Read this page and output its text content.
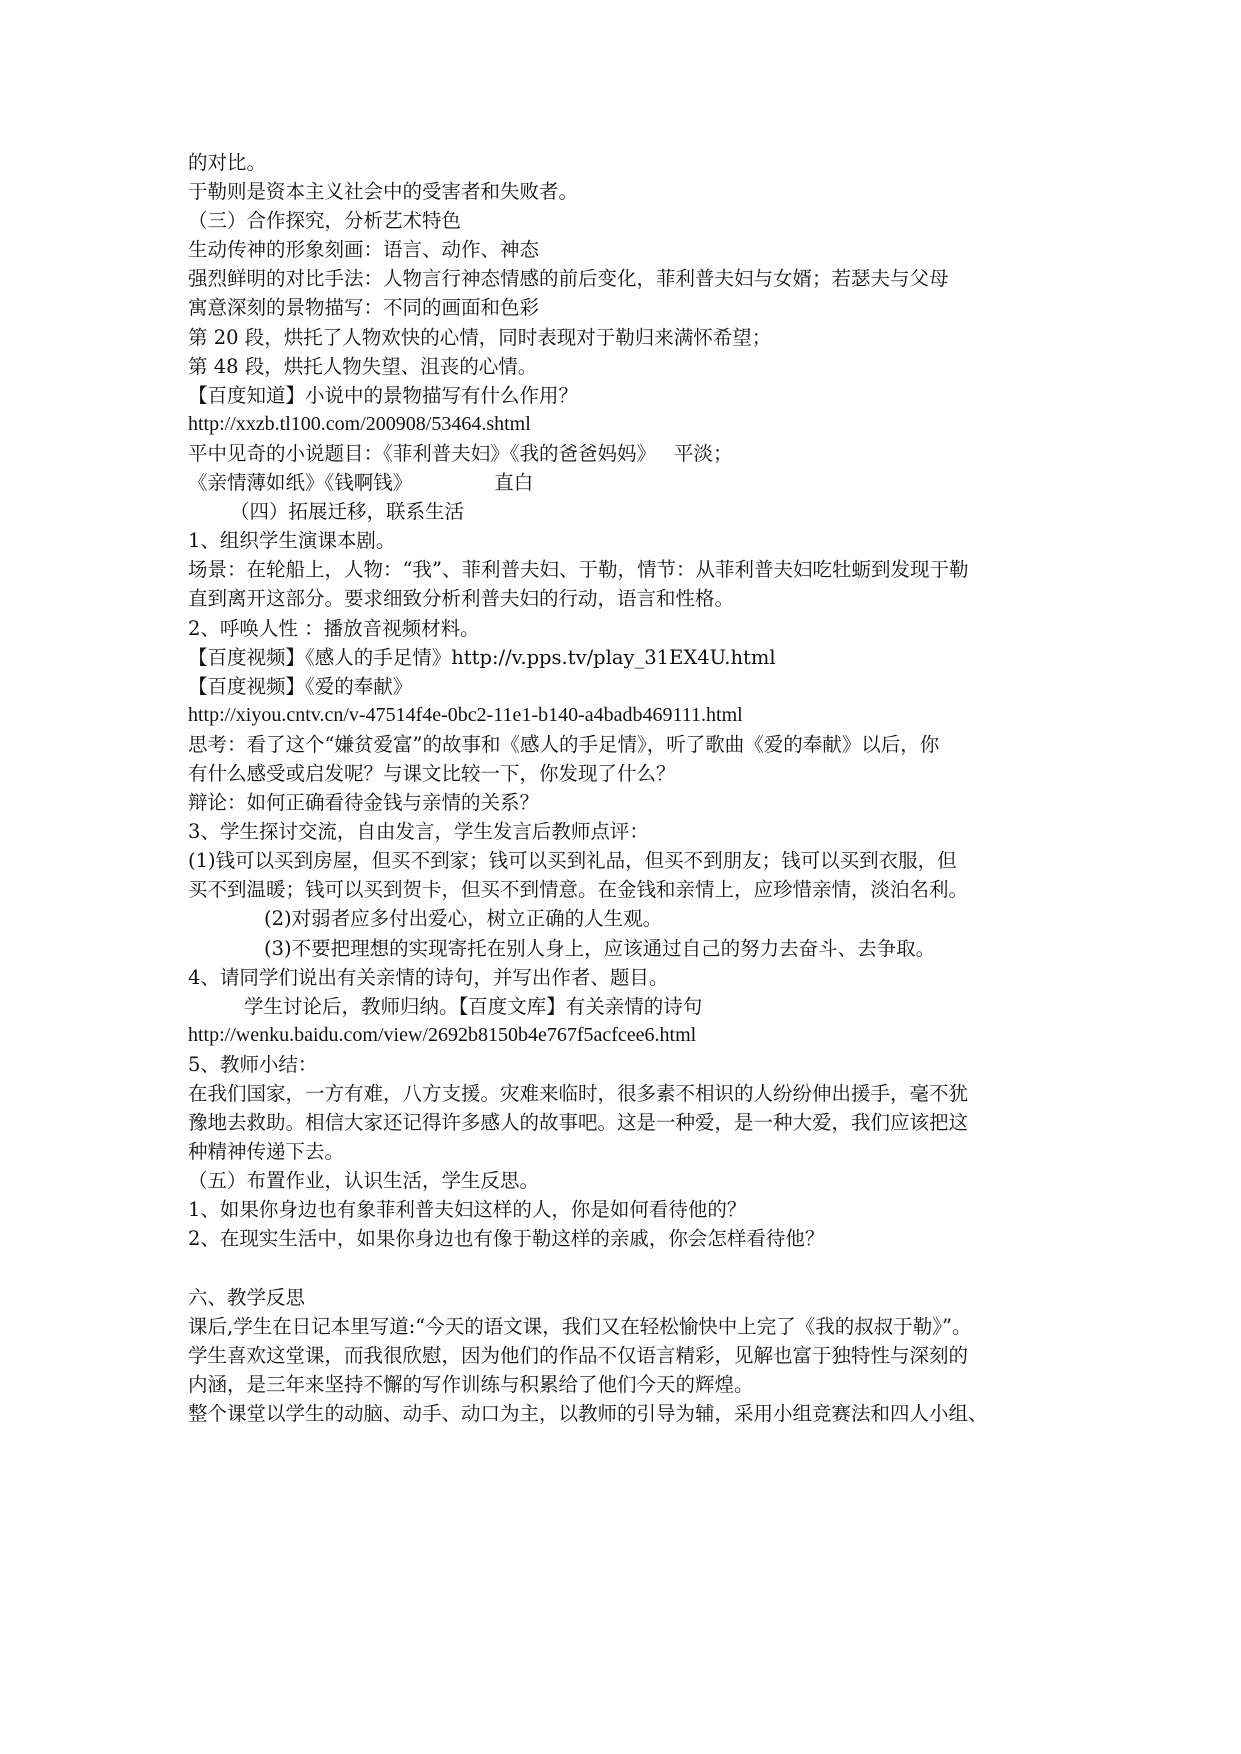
的对比。
于勒则是资本主义社会中的受害者和失败者。
（三）合作探究，分析艺术特色
生动传神的形象刻画：语言、动作、神态
强烈鲜明的对比手法：人物言行神态情感的前后变化，菲利普夫妇与女婿；若瑟夫与父母
寓意深刻的景物描写：不同的画面和色彩
第 20 段，烘托了人物欢快的心情，同时表现对于勒归来满怀希望；
第 48 段，烘托人物失望、沮丧的心情。
【百度知道】小说中的景物描写有什么作用？
http://xxzb.tl100.com/200908/53464.shtml
平中见奇的小说题目：《菲利普夫妇》《我的爸爸妈妈》 平淡；
《亲情薄如纸》《钱啊钱》	直白
（四）拓展迁移，联系生活
1、组织学生演课本剧。
场景：在轮船上，人物：“我”、菲利普夫妇、于勒，情节：从菲利普夫妇吃牡蛎到发现于勒
直到离开这部分。要求细致分析利普夫妇的行动，语言和性格。
2、呼唤人性 ：播放音视频材料。
【百度视频】《感人的手足情》http://v.pps.tv/play_31EX4U.html
【百度视频】《爱的奉献》
http://xiyou.cntv.cn/v-47514f4e-0bc2-11e1-b140-a4badb469111.html
思考：看了这个“嫌贫爱富”的故事和《感人的手足情》，听了歌曲《爱的奉献》以后，你
有什么感受或启发呢？与课文比较一下，你发现了什么？
辩论：如何正确看待金钱与亲情的关系？
3、学生探讨交流，自由发言，学生发言后教师点评：
(1)钱可以买到房屋，但买不到家；钱可以买到礼品，但买不到朋友；钱可以买到衣服，但
买不到温暖；钱可以买到贺卡，但买不到情意。在金钱和亲情上，应珍惜亲情，淡泊名利。
(2)对弱者应多付出爱心，树立正确的人生观。
(3)不要把理想的实现寄托在别人身上，应该通过自己的努力去奋斗、去争取。
4、请同学们说出有关亲情的诗句，并写出作者、题目。
学生讨论后，教师归纳。【百度文库】有关亲情的诗句
http://wenku.baidu.com/view/2692b8150b4e767f5acfcee6.html
5、教师小结：
在我们国家，一方有难，八方支援。灾难来临时，很多素不相识的人纷纷伸出援手，毫不犹
豫地去救助。相信大家还记得许多感人的故事吧。这是一种爱，是一种大爱，我们应该把这
种精神传递下去。
（五）布置作业，认识生活，学生反思。
1、如果你身边也有象菲利普夫妇这样的人，你是如何看待他的？
2、在现实生活中，如果你身边也有像于勒这样的亲戚，你会怎样看待他？
六、教学反思
课后,学生在日记本里写道:“今天的语文课，我们又在轻松愉快中上完了《我的叔叔于勒》”。
学生喜欢这堂课，而我很欣慰，因为他们的作品不仅语言精彩，见解也富于独特性与深刻的
内涵，是三年来坚持不懈的写作训练与积累给了他们今天的辉煌。
整个课堂以学生的动脑、动手、动口为主，以教师的引导为辅，采用小组竞赛法和四人小组、
